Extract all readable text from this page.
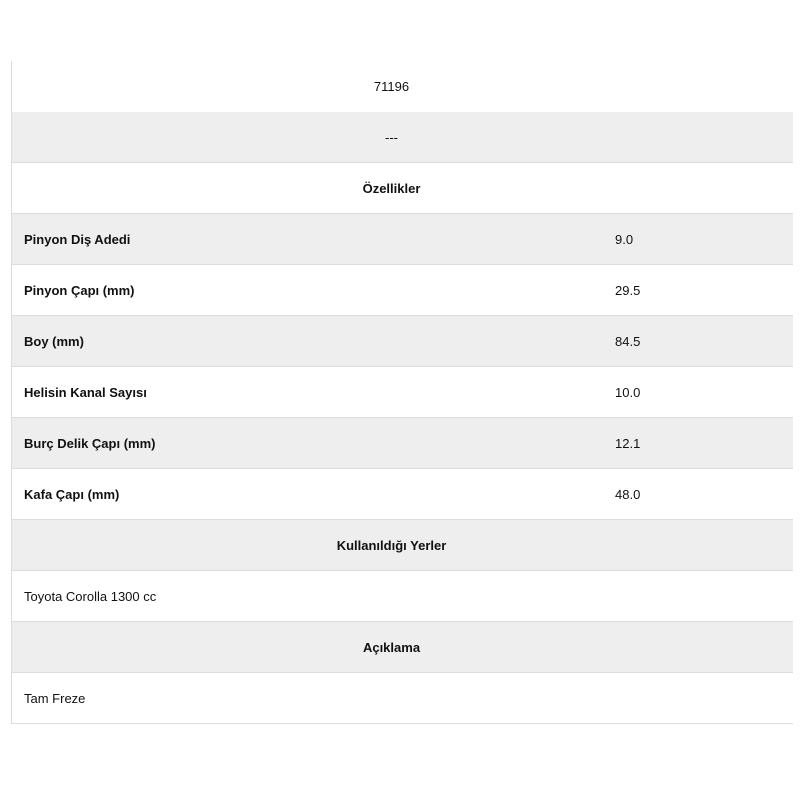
71196
---
Özellikler
Pinyon Diş Adedi	9.0
Pinyon Çapı (mm)	29.5
Boy (mm)	84.5
Helisin Kanal Sayısı	10.0
Burç Delik Çapı (mm)	12.1
Kafa Çapı (mm)	48.0
Kullanıldığı Yerler
Toyota Corolla 1300 cc
Açıklama
Tam Freze
